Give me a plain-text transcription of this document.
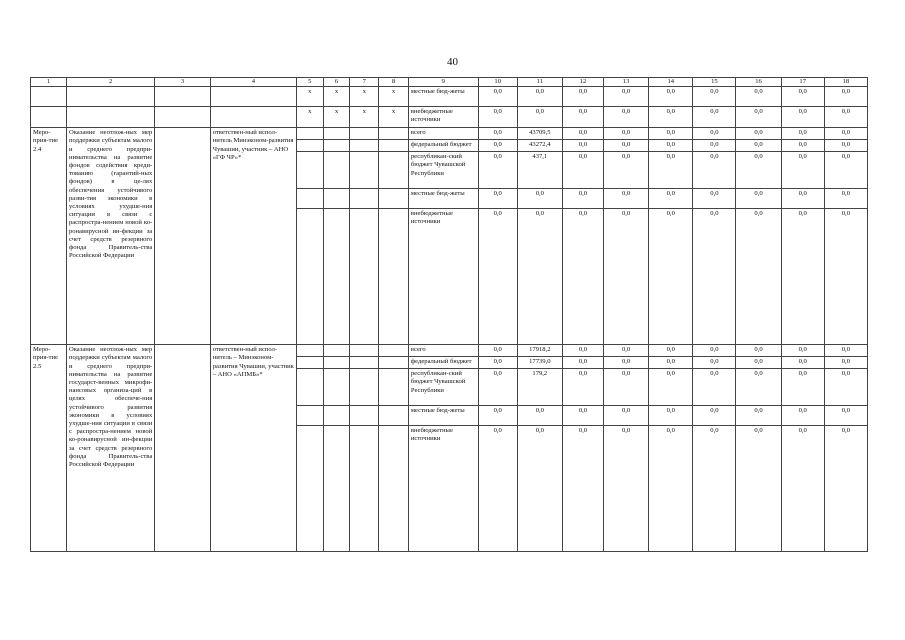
40
1	2	3	4	5	6	7	8	9	10	11	12	13	14	15	16	17	18
				x	x	x	x	местные бюд-жеты	0,0	0,0	0,0	0,0	0,0	0,0	0,0	0,0	0,0
				x	x	x	x	внебюджетные источники	0,0	0,0	0,0	0,0	0,0	0,0	0,0	0,0	0,0
Меро-прия-тие 2.4	Оказание неотлож-ных мер поддержки субъектам малого и среднего предпри-нимательства на развитие фондов содействия креди-тованию (гарантий-ных фондов) в це-лях обеспечения устойчивого разви-тия экономики в условиях ухудше-ния ситуации в связи с распростра-нением новой ко-ронавирусной ин-фекции за счет средств резервного фонда Правитель-ства Российской Федерации		ответствен-ный испол-нитель Минэконом-развития Чувашии, участник – АНО «ГФ ЧР»*					всего	0,0	43709,5	0,0	0,0	0,0	0,0	0,0	0,0	0,0
								федеральный бюджет	0,0	43272,4	0,0	0,0	0,0	0,0	0,0	0,0	0,0
								республикан-ский бюджет Чувашской Республики	0,0	437,1	0,0	0,0	0,0	0,0	0,0	0,0	0,0
								местные бюд-жеты	0,0	0,0	0,0	0,0	0,0	0,0	0,0	0,0	0,0
								внебюджетные источники	0,0	0,0	0,0	0,0	0,0	0,0	0,0	0,0	0,0
Меро-прия-тие 2.5	Оказание неотлож-ных мер поддержки субъектам малого и среднего предпри-нимательства на развитие государст-венных микрофи-нансовых организа-ций в целях обеспече-ния устойчивого развития экономики в условиях ухудше-ния ситуации в связи с распростра-нением новой ко-ронавирусной ин-фекции за счет средств резервного фонда Правитель-ства Российской Федерации		ответствен-ный испол-нитель – Минэконом-развития Чувашии, участник – АНО «АПМБ»*					всего	0,0	17918,2	0,0	0,0	0,0	0,0	0,0	0,0	0,0
								федеральный бюджет	0,0	17739,0	0,0	0,0	0,0	0,0	0,0	0,0	0,0
								республикан-ский бюджет Чувашской Республики	0,0	179,2	0,0	0,0	0,0	0,0	0,0	0,0	0,0
								местные бюд-жеты	0,0	0,0	0,0	0,0	0,0	0,0	0,0	0,0	0,0
								внебюджетные источники	0,0	0,0	0,0	0,0	0,0	0,0	0,0	0,0	0,0
